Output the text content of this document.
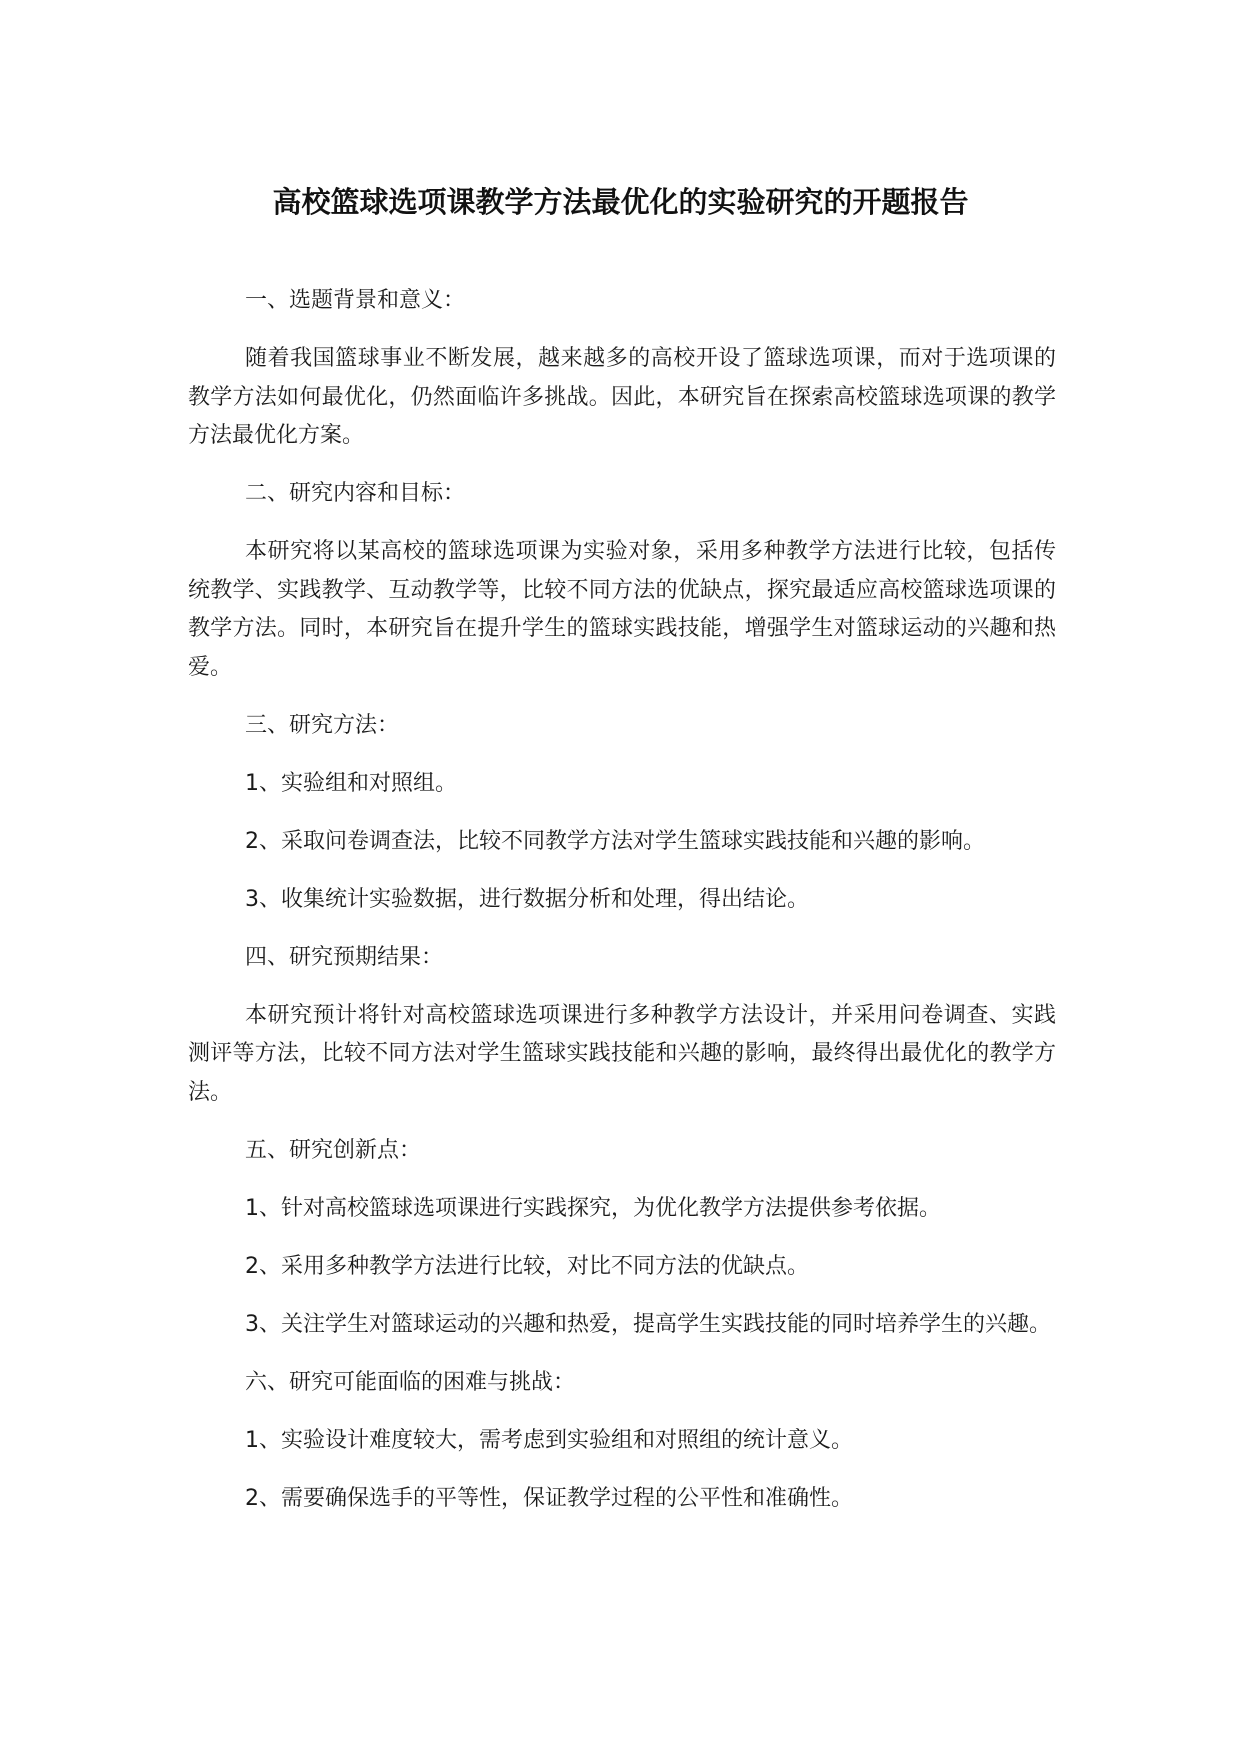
高校篮球选项课教学方法最优化的实验研究的开题报告

一、选题背景和意义：

随着我国篮球事业不断发展，越来越多的高校开设了篮球选项课，而对于选项课的教学方法如何最优化，仍然面临许多挑战。因此，本研究旨在探索高校篮球选项课的教学方法最优化方案。

二、研究内容和目标：

本研究将以某高校的篮球选项课为实验对象，采用多种教学方法进行比较，包括传统教学、实践教学、互动教学等，比较不同方法的优缺点，探究最适应高校篮球选项课的教学方法。同时，本研究旨在提升学生的篮球实践技能，增强学生对篮球运动的兴趣和热爱。

三、研究方法：

1、实验组和对照组。

2、采取问卷调查法，比较不同教学方法对学生篮球实践技能和兴趣的影响。

3、收集统计实验数据，进行数据分析和处理，得出结论。

四、研究预期结果：

本研究预计将针对高校篮球选项课进行多种教学方法设计，并采用问卷调查、实践测评等方法，比较不同方法对学生篮球实践技能和兴趣的影响，最终得出最优化的教学方法。

五、研究创新点：

1、针对高校篮球选项课进行实践探究，为优化教学方法提供参考依据。

2、采用多种教学方法进行比较，对比不同方法的优缺点。

3、关注学生对篮球运动的兴趣和热爱，提高学生实践技能的同时培养学生的兴趣。

六、研究可能面临的困难与挑战：

1、实验设计难度较大，需考虑到实验组和对照组的统计意义。

2、需要确保选手的平等性，保证教学过程的公平性和准确性。
